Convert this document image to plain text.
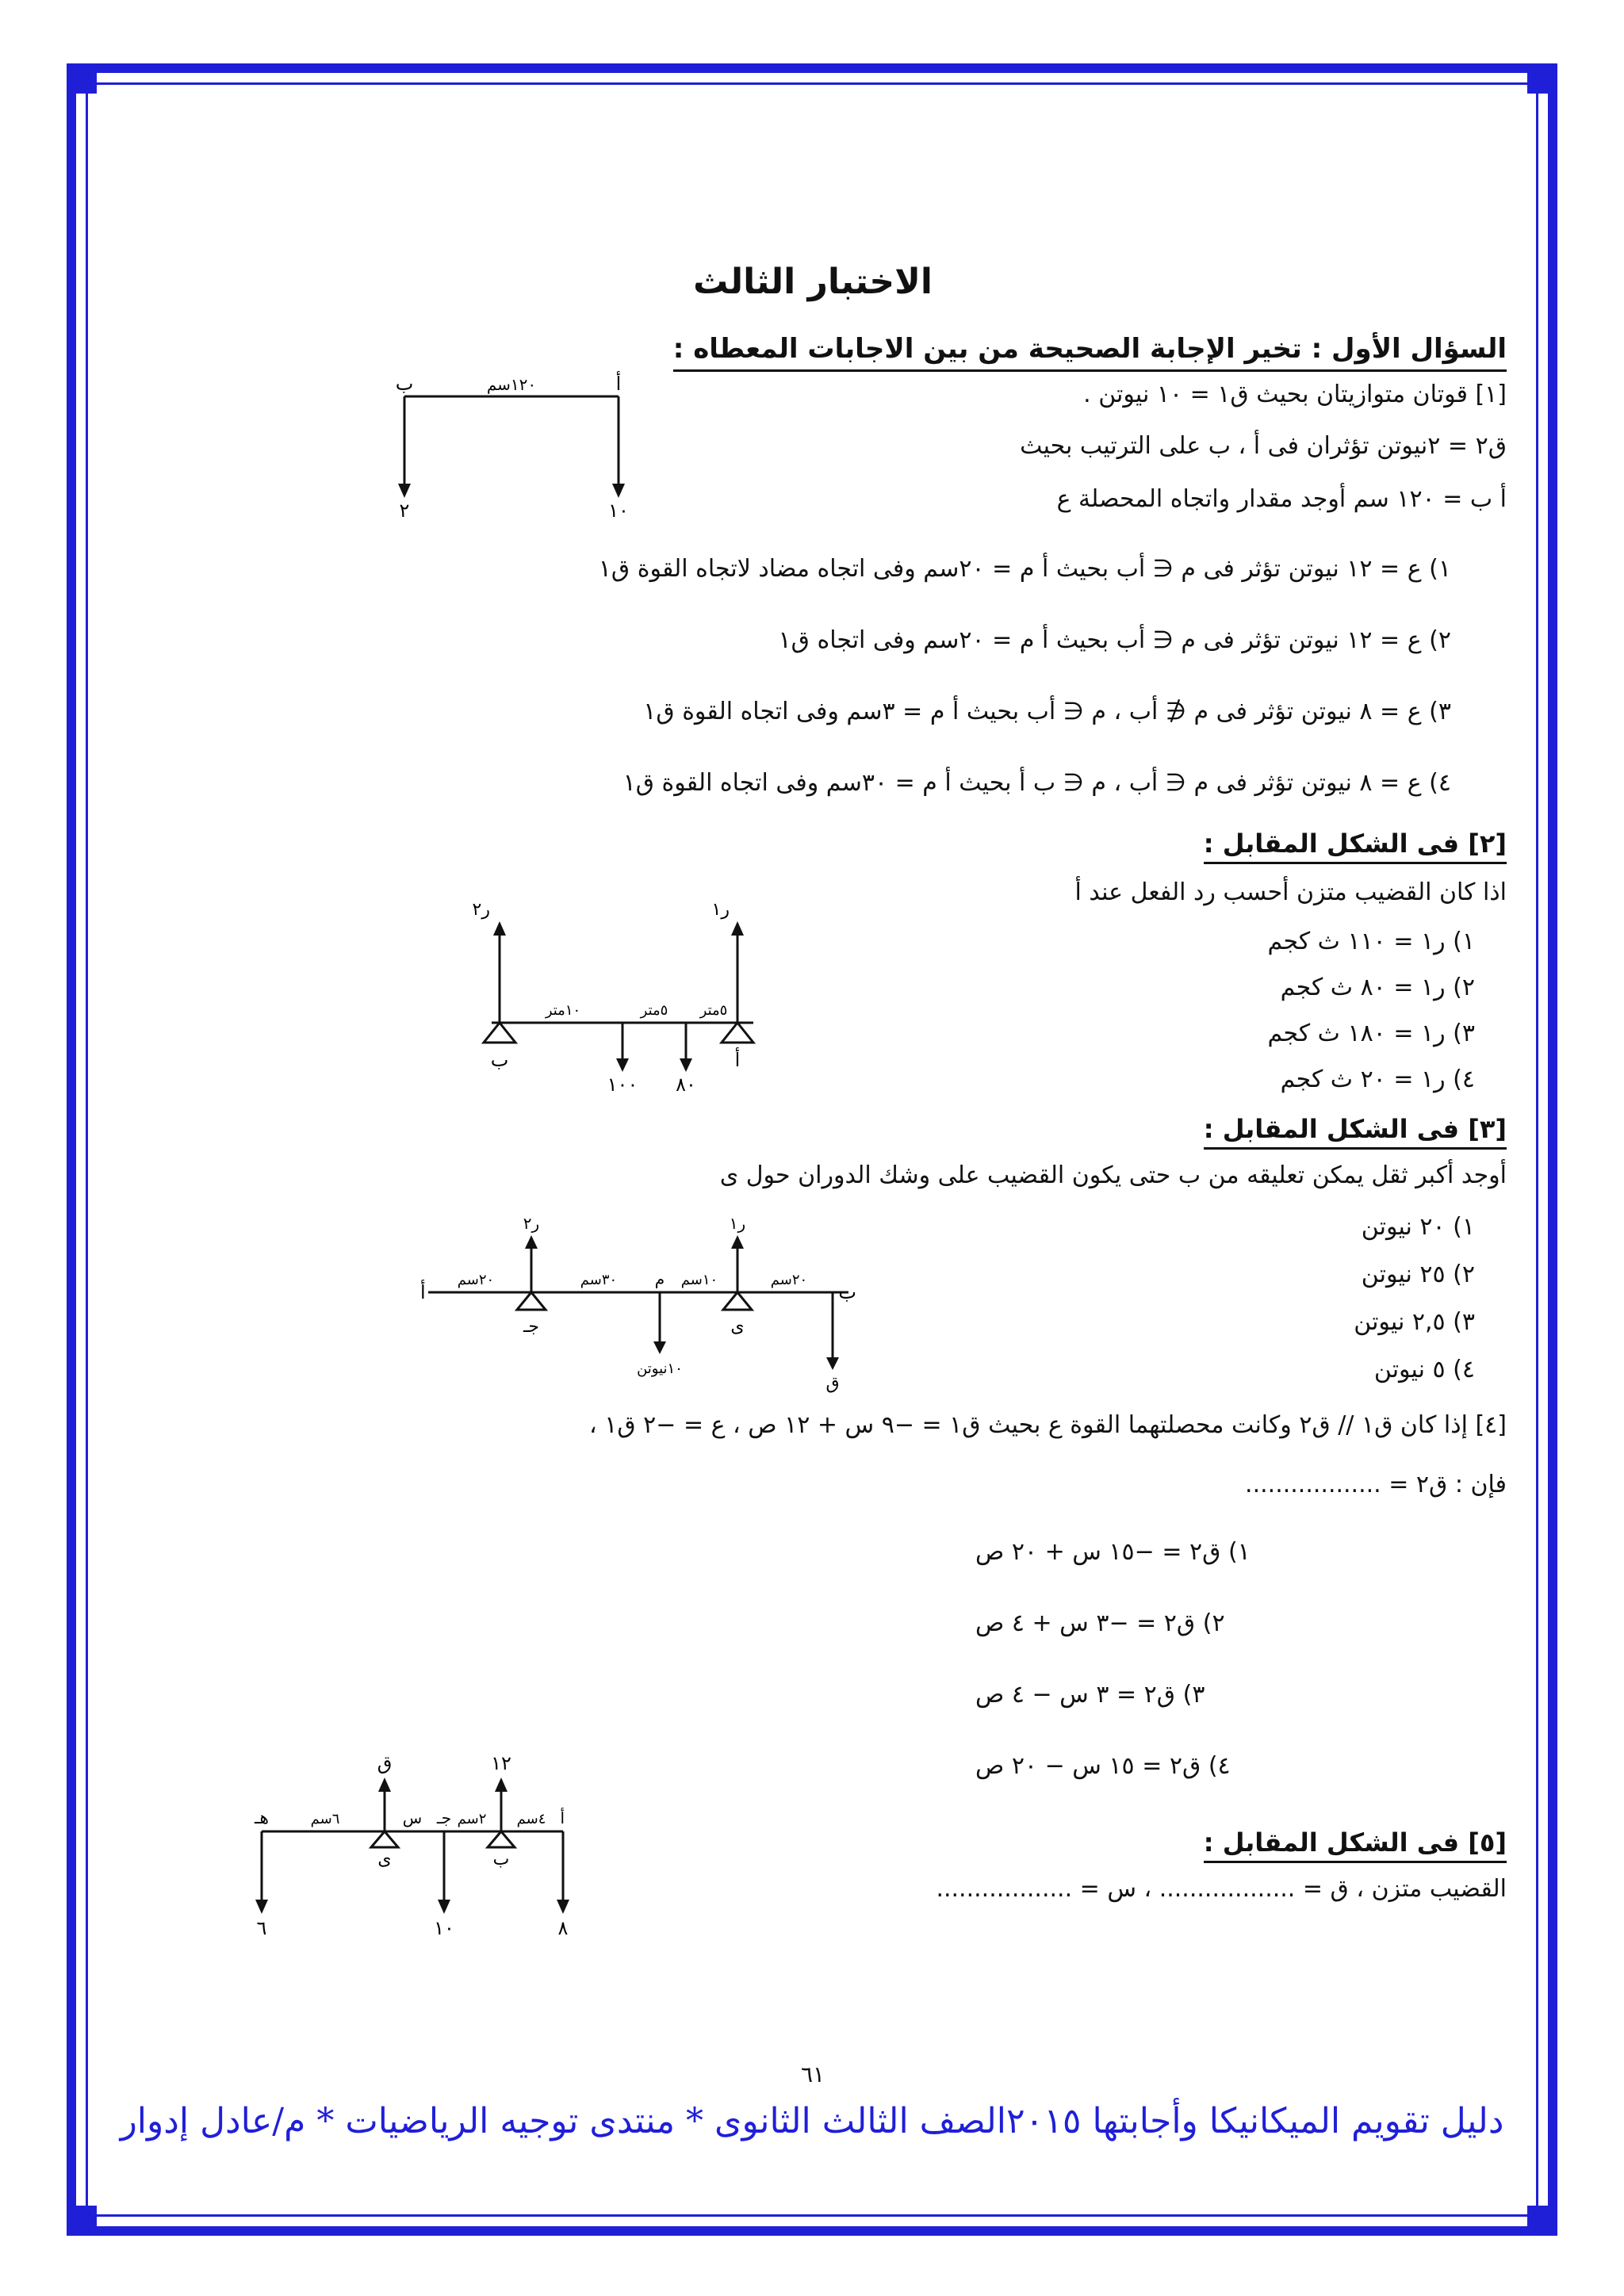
الاختبار الثالث
السؤال الأول : تخير الإجابة الصحيحة من بين الاجابات المعطاه :
[١] قوتان متوازيتان بحيث ق١ = ١٠ نيوتن .
ق٢ = ٢نيوتن تؤثران فى أ ، ب على الترتيب بحيث
أ ب = ١٢٠ سم أوجد مقدار واتجاه المحصلة ع
١) ع = ١٢ نيوتن تؤثر فى م ∈ أب بحيث أ م = ٢٠سم وفى اتجاه مضاد لاتجاه القوة ق١
٢) ع = ١٢ نيوتن تؤثر فى م ∈ أب بحيث أ م = ٢٠سم وفى اتجاه ق١
٣) ع = ٨ نيوتن تؤثر فى م ∉ أب ، م ∈ أب بحيث أ م = ٣سم وفى اتجاه القوة ق١
٤) ع = ٨ نيوتن تؤثر فى م ∈ أب ، م ∈ ب أ بحيث أ م = ٣٠سم وفى اتجاه القوة ق١
ب	أ
١٢٠سم
٢	١٠
[٢] فى الشكل المقابل :
اذا كان القضيب متزن أحسب رد الفعل عند أ
١) ر١ = ١١٠ ث كجم
٢) ر١ = ٨٠ ث كجم
٣) ر١ = ١٨٠ ث كجم
٤) ر١ = ٢٠ ث كجم
ر٢	ر١
٥متر
٥متر
١٠متر
ب	أ
٨٠
١٠٠
[٣] فى الشكل المقابل :
أوجد أكبر ثقل يمكن تعليقه من ب حتى يكون القضيب على وشك الدوران حول ى
١) ٢٠ نيوتن
٢) ٢٥ نيوتن
٣) ٢,٥ نيوتن
٤) ٥ نيوتن
أ	ب
جـ	ى
م
٢٠سم	٣٠سم	١٠سم	٢٠سم
ر٢	ر١
١٠نيوتن
ق
[٤] إذا كان ق١ // ق٢ وكانت محصلتهما القوة ع بحيث ق١ = −٩ س + ١٢ ص ، ع = −٢ ق١ ،
فإن : ق٢ = ..................
١) ق٢ = −١٥ س + ٢٠ ص
٢) ق٢ = −٣ س + ٤ ص
٣) ق٢ = ٣ س − ٤ ص
٤) ق٢ = ١٥ س − ٢٠ ص
[٥] فى الشكل المقابل :
القضيب متزن ، ق = .................. ، س = ..................
هـ	٦سم	س جـ ٢سم ٤سم أ
ى	ب
ق	١٢
٦	١٠	٨
٦١
دليل تقويم الميكانيكا وأجابتها ٢٠١٥الصف الثالث الثانوى * منتدى توجيه الرياضيات * م/عادل إدوار
